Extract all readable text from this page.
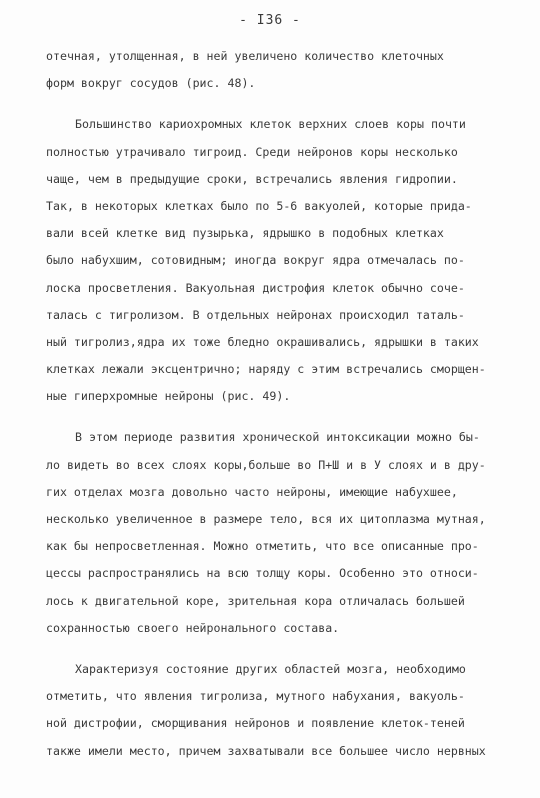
- I36 -
отечная, утолщенная, в ней увеличено количество клеточных
форм вокруг сосудов (рис. 48).
Большинство кариохромных клеток верхних слоев коры почти
полностью утрачивало тигроид. Среди нейронов коры несколько
чаще, чем в предыдущие сроки, встречались явления гидропии.
Так, в некоторых клетках было по 5-6 вакуолей, которые прида-
вали всей клетке вид пузырька, ядрышко в подобных клетках
было набухшим, сотовидным; иногда вокруг ядра отмечалась по-
лоска просветления. Вакуольная дистрофия клеток обычно соче-
талась с тигролизом. В отдельных нейронах происходил таталь-
ный тигролиз,ядра их тоже бледно окрашивались, ядрышки в таких
клетках лежали эксцентрично; наряду с этим встречались сморщен-
ные гиперхромные нейроны (рис. 49).
В этом периоде развития хронической интоксикации можно бы-
ло видеть во всех слоях коры,больше во П+Ш и в У слоях и в дру-
гих отделах мозга довольно часто нейроны, имеющие набухшее,
несколько увеличенное в размере тело, вся их цитоплазма мутная,
как бы непросветленная. Можно отметить, что все описанные про-
цессы распространялись на всю толщу коры. Особенно это относи-
лось к двигательной коре, зрительная кора отличалась большей
сохранностью своего нейронального состава.
Характеризуя состояние других областей мозга, необходимо
отметить, что явления тигролиза, мутного набухания, вакуоль-
ной дистрофии, сморщивания нейронов и появление клеток-теней
также имели место, причем захватывали все большее число нервных
